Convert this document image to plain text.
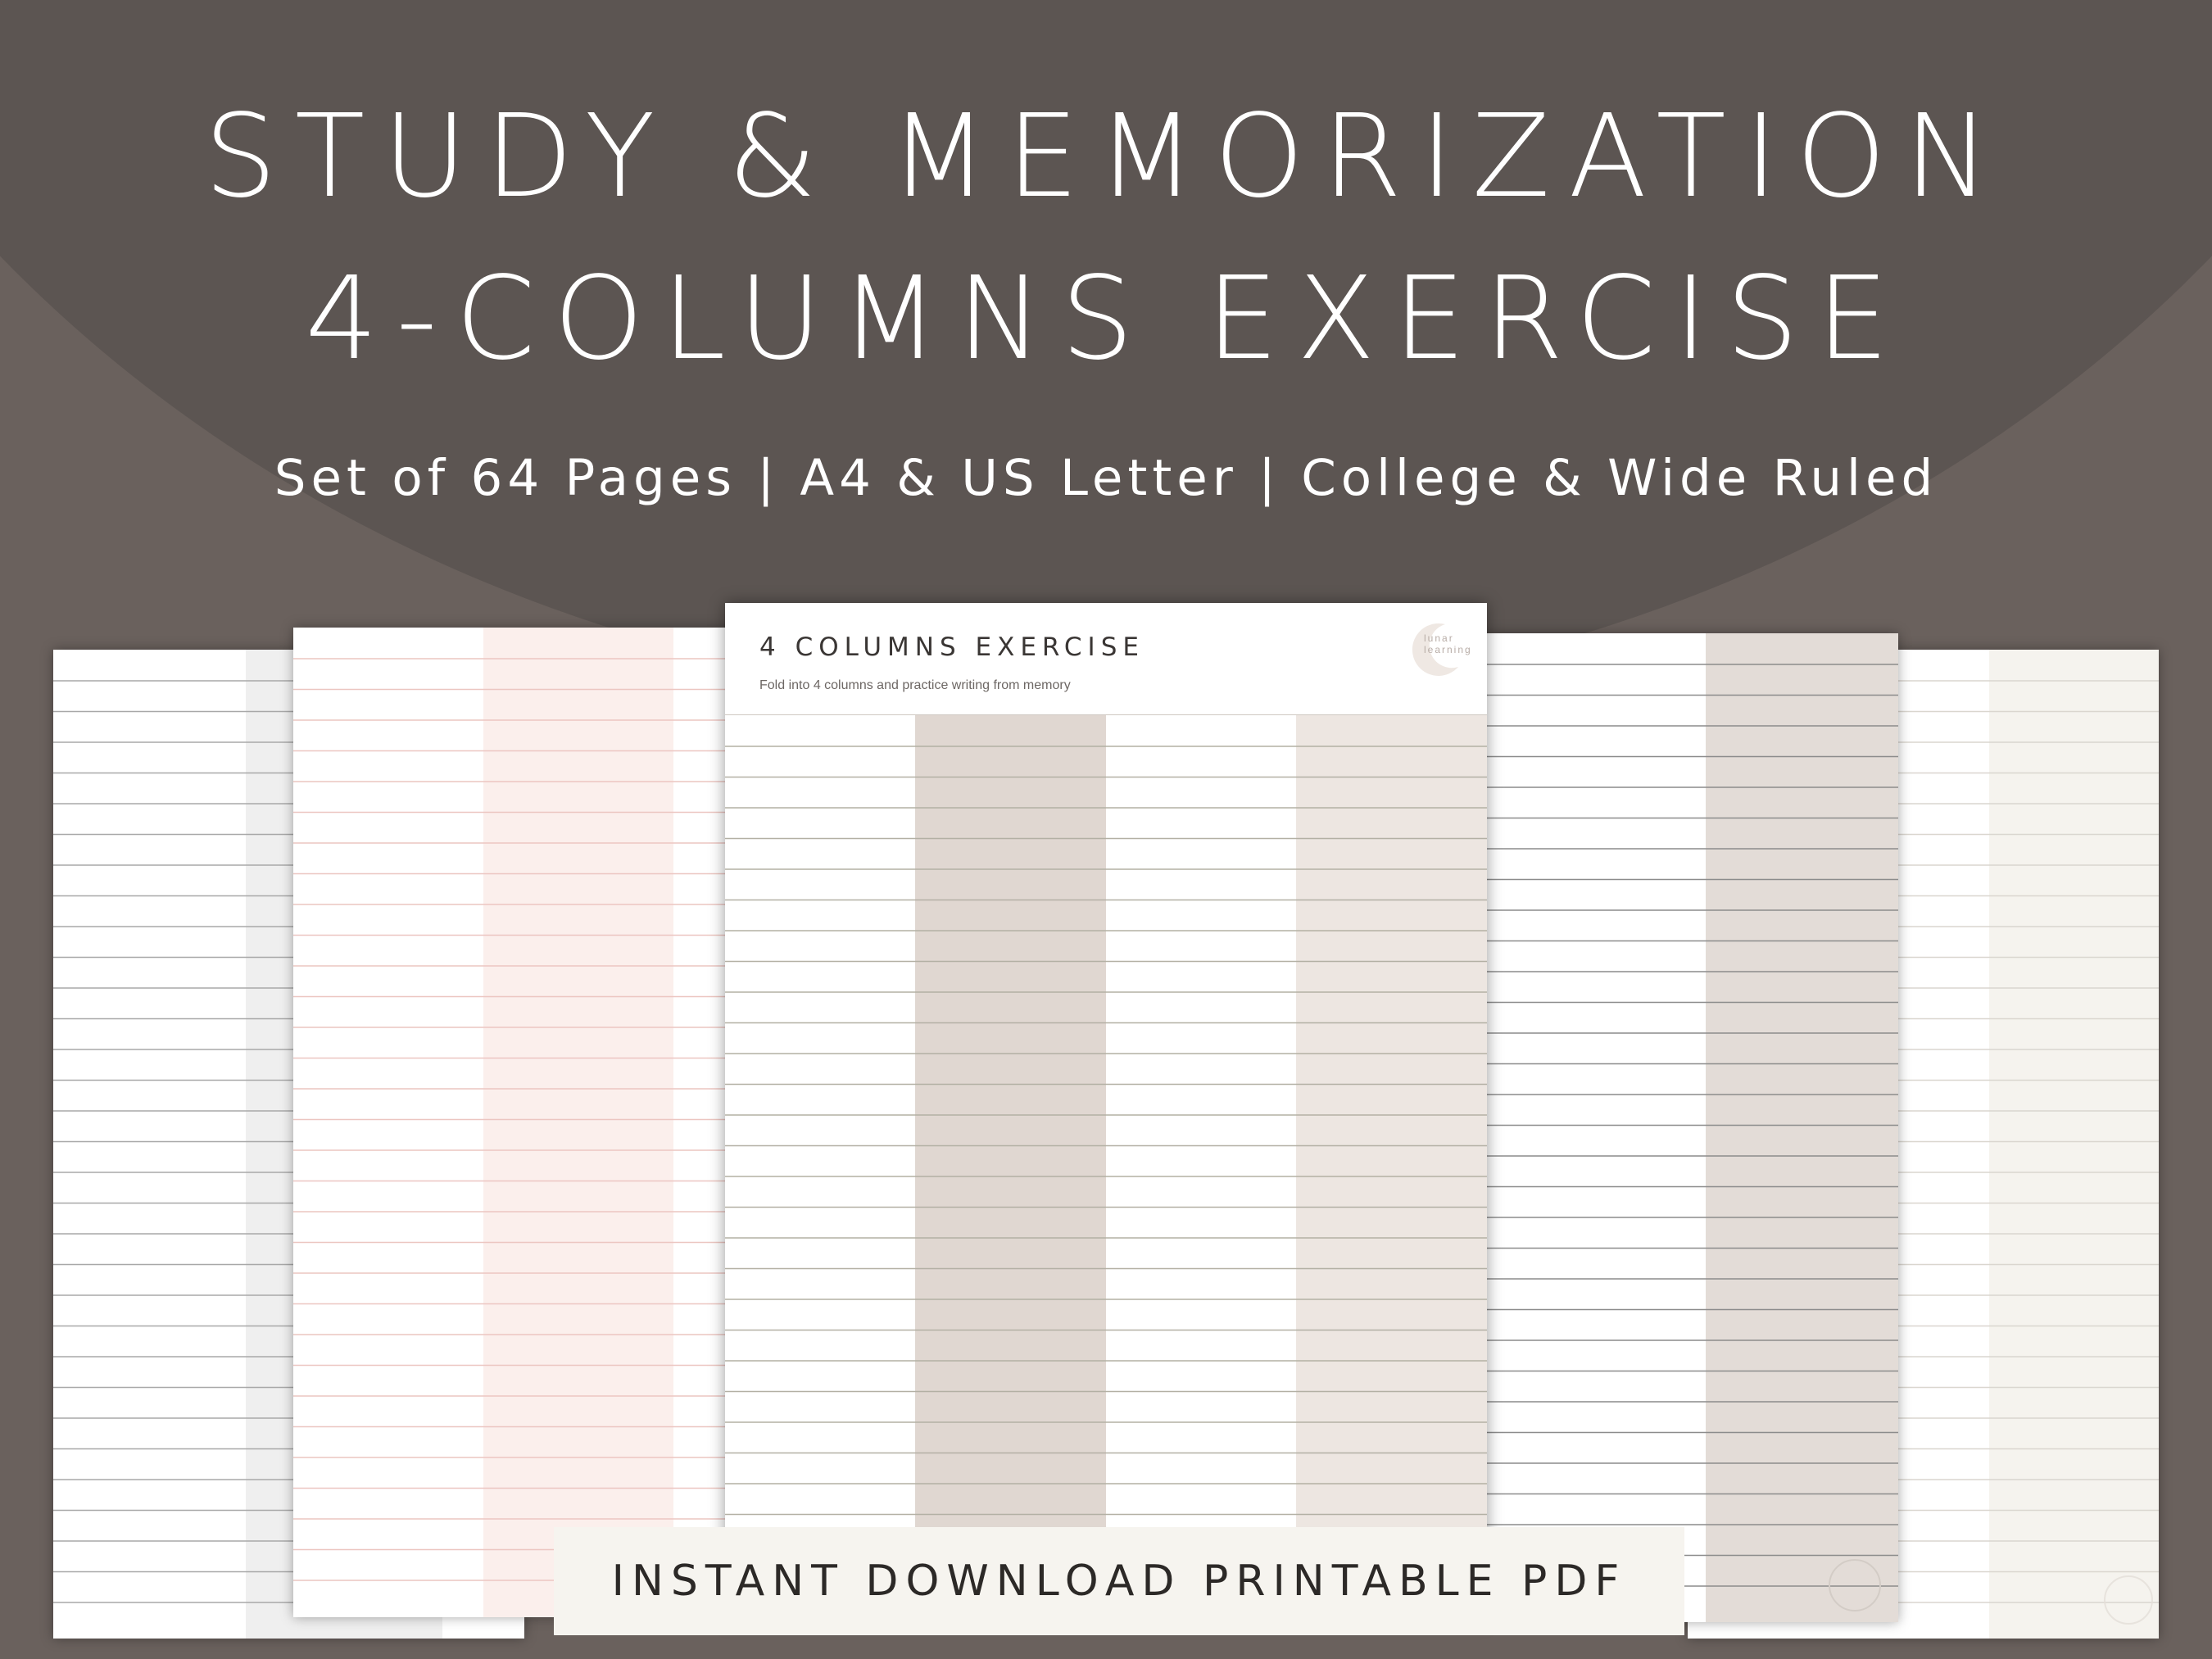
STUDY & MEMORIZATION
4-COLUMNS EXERCISE
Set of 64 Pages | A4 & US Letter | College & Wide Ruled
4 COLUMNS EXERCISE
Fold into 4 columns and practice writing from memory
lunar
learning
INSTANT DOWNLOAD PRINTABLE PDF
